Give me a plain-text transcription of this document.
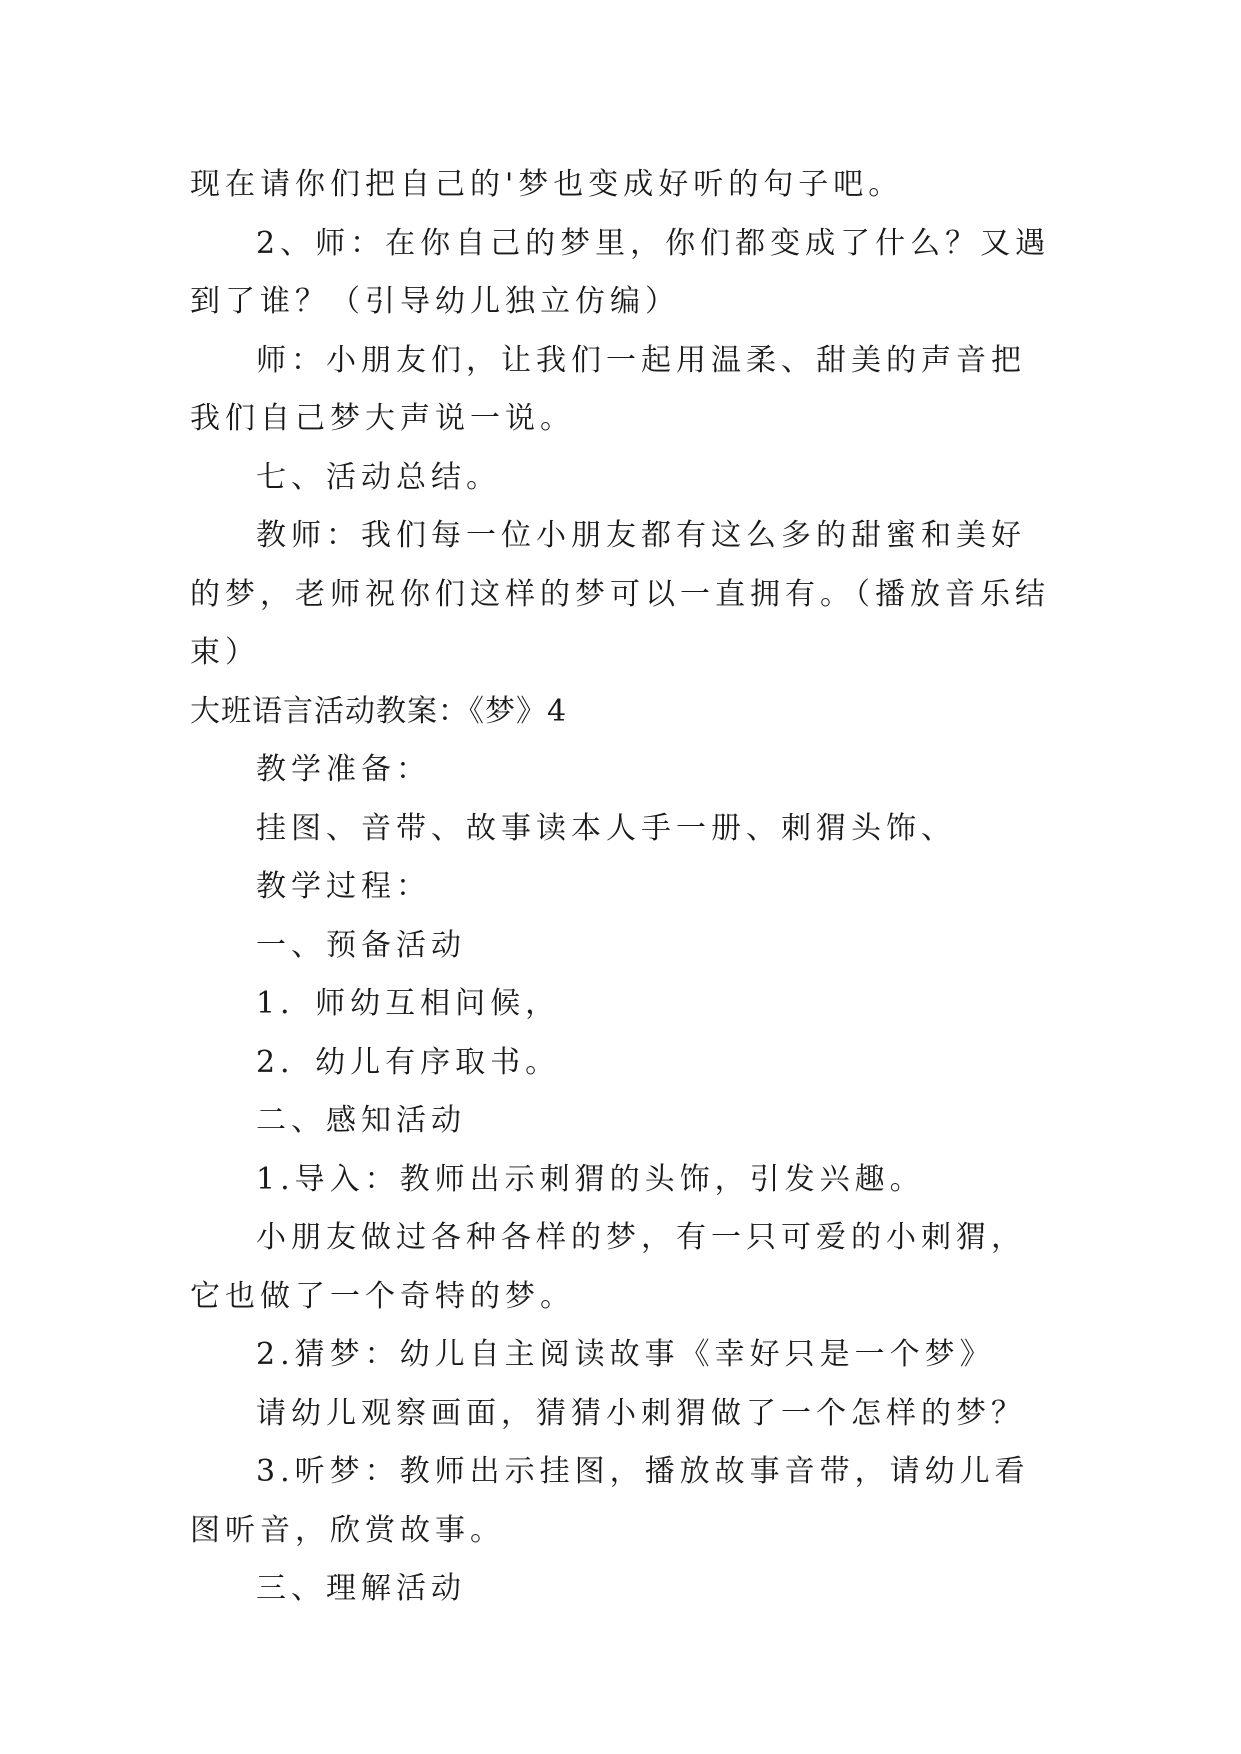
现在请你们把自己的'梦也变成好听的句子吧。

2、师：在你自己的梦里，你们都变成了什么？又遇到了谁？（引导幼儿独立仿编）

师：小朋友们，让我们一起用温柔、甜美的声音把我们自己梦大声说一说。

七、活动总结。

教师：我们每一位小朋友都有这么多的甜蜜和美好的梦，老师祝你们这样的梦可以一直拥有。（播放音乐结束）

大班语言活动教案：《梦》4

教学准备：

挂图、音带、故事读本人手一册、刺猬头饰、

教学过程：

一、预备活动

1．师幼互相问候，

2．幼儿有序取书。

二、感知活动

1.导入：教师出示刺猬的头饰，引发兴趣。

小朋友做过各种各样的梦，有一只可爱的小刺猬，它也做了一个奇特的梦。

2.猜梦：幼儿自主阅读故事《幸好只是一个梦》

请幼儿观察画面，猜猜小刺猬做了一个怎样的梦？

3.听梦：教师出示挂图，播放故事音带，请幼儿看图听音，欣赏故事。

三、理解活动
